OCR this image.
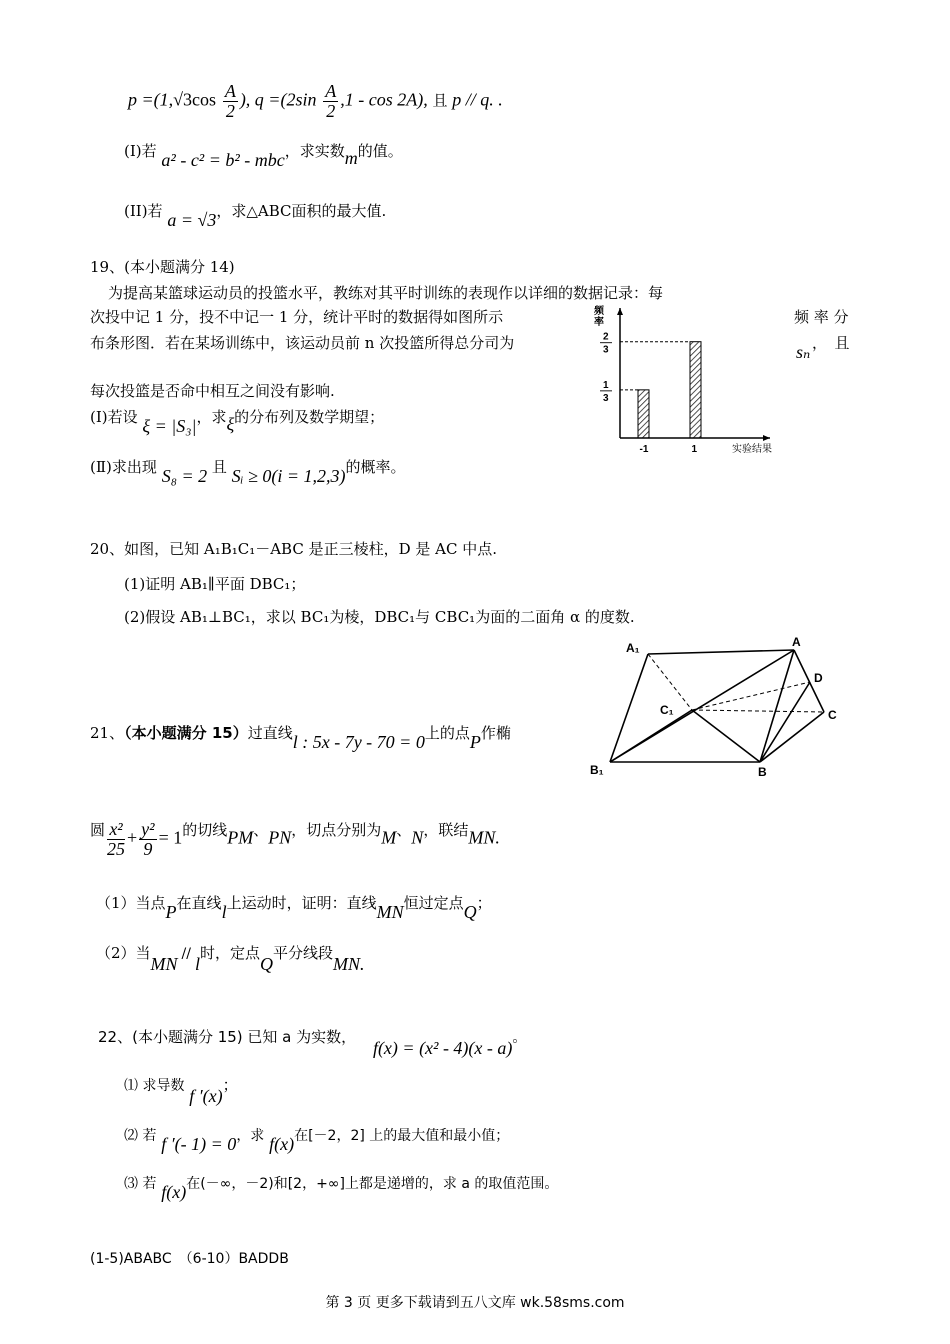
$p =(1,√3\cos \frac{A}{2}$ ), $q =(2\sin \frac{A}{2} ,1 - \cos 2A)$, 且 p // q. .
(I)若 a² - c² = b² - mbc，求实数m的值。
(II)若 a = √3，求△ABC面积的最大值.
19、(本小题满分 14)
为提高某篮球运动员的投篮水平，教练对其平时训练的表现作以详细的数据记录：每
次投中记 1 分，投不中记一 1 分，统计平时的数据得如图所示	频 率 分
布条形图．若在某场训练中，该运动员前 n 次投篮所得总分司为	sₙ ，　且
每次投篮是否命中相互之间没有影响.
(I)若设 ξ = |S₃|，求ξ的分布列及数学期望；
(Ⅱ)求出现 S₈ = 2 且 Sᵢ ≥ 0(i = 1,2,3)的概率。
频
率
实验结果
-1
1
3
1
2
3
20、如图，已知 A₁B₁C₁－ABC 是正三棱柱，D 是 AC 中点.
(1)证明 AB₁∥平面 DBC₁；
(2)假设 AB₁⊥BC₁，求以 BC₁为棱，DBC₁与 CBC₁为面的二面角 α 的度数.
A₁	A
D
C₁	C
B₁	B
21、（本小题满分 15）过直线l : 5x - 7y - 70 = 0上的点P作椭
圆 $\frac{\text{x²}}{25} + \frac{\text{y²}}{9} = 1$的切线PM、PN，切点分别为M、N，联结MN.
（1）当点P在直线l上运动时，证明：直线MN恒过定点Q；
（2）当MN // l时，定点Q平分线段MN.
22、(本小题满分 15) 已知 a 为实数， f(x) = (x² - 4)(x - a)。
⑴ 求导数 f ′(x)；
⑵ 若 f ′(- 1) = 0，求 f(x)在[－2，2] 上的最大值和最小值；
⑶ 若 f(x)在(－∞，－2)和[2，+∞]上都是递增的，求 a 的取值范围。
(1-5)ABABC　（6-10）BADDB
第 3 页 更多下载请到五八文库 wk.58sms.com
